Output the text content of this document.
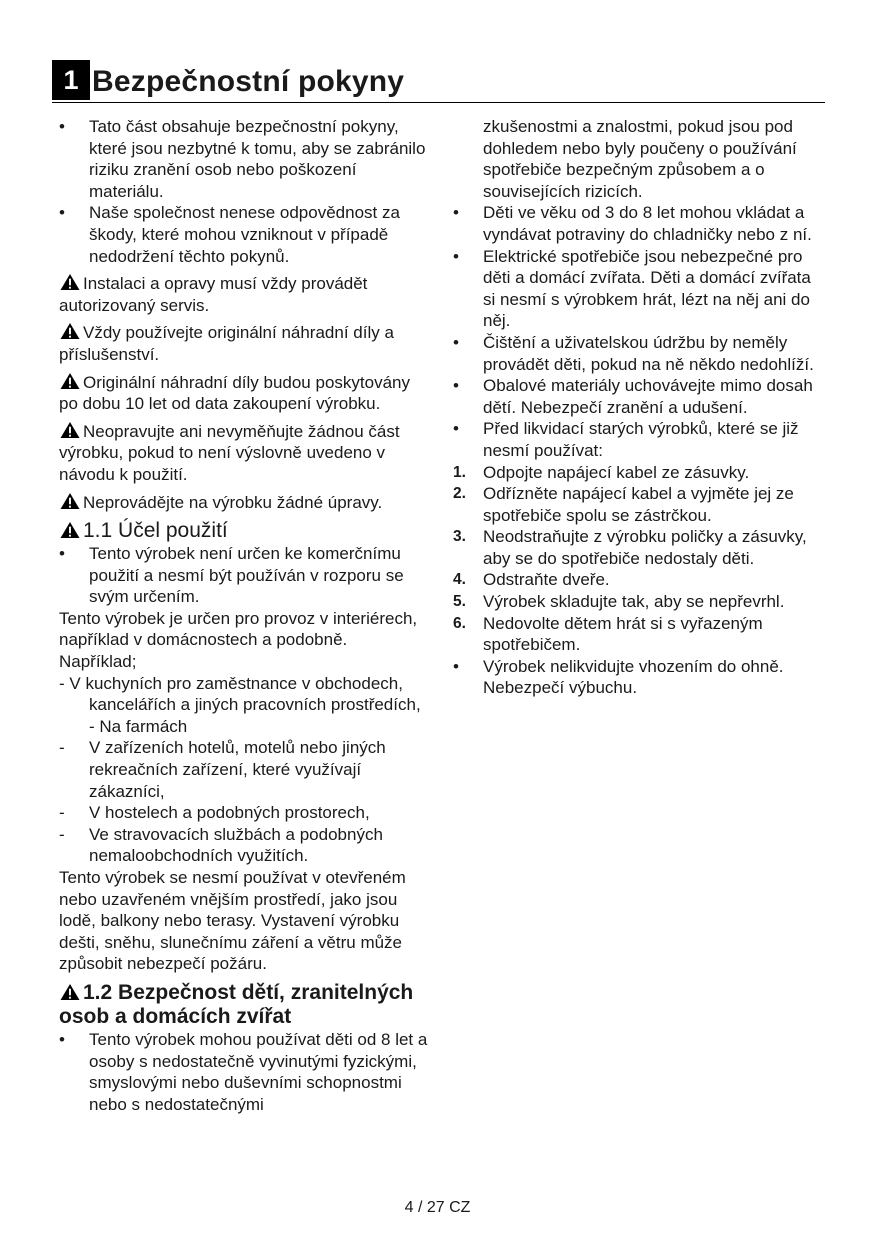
1 Bezpečnostní pokyny
•	Tato část obsahuje bezpečnostní pokyny, které jsou nezbytné k tomu, aby se zabránilo riziku zranění osob nebo poškození materiálu.
•	Naše společnost nenese odpovědnost za škody, které mohou vzniknout v případě nedodržení těchto pokynů.
Instalaci a opravy musí vždy provádět autorizovaný servis.
Vždy používejte originální náhradní díly a příslušenství.
Originální náhradní díly budou poskytovány po dobu 10 let od data zakoupení výrobku.
Neopravujte ani nevyměňujte žádnou část výrobku, pokud to není výslovně uvedeno v návodu k použití.
Neprovádějte na výrobku žádné úpravy.
1.1 Účel použití
•	Tento výrobek není určen ke komerčnímu použití a nesmí být používán v rozporu se svým určením.

Tento výrobek je určen pro provoz v interiérech, například v domácnostech a podobně. Například;

- V kuchyních pro zaměstnance v obchodech, kancelářích a jiných pracovních prostředích, - Na farmách
-	V zařízeních hotelů, motelů nebo jiných rekreačních zařízení, které využívají zákazníci,
-	V hostelech a podobných prostorech,
-	Ve stravovacích službách a podobných nemaloobchodních využitích.

Tento výrobek se nesmí používat v otevřeném nebo uzavřeném vnějším prostředí, jako jsou lodě, balkony nebo terasy. Vystavení výrobku dešti, sněhu, slunečnímu záření a větru může způsobit nebezpečí požáru.

1.2 Bezpečnost dětí, zranitelných osob a domácích zvířat
•	Tento výrobek mohou používat děti od 8 let a osoby s nedostatečně vyvinutými fyzickými, smyslovými nebo duševními schopnostmi nebo s nedostatečnými
zkušenostmi a znalostmi, pokud jsou pod dohledem nebo byly poučeny o používání spotřebiče bezpečným způsobem a o souvisejících rizicích.
•	Děti ve věku od 3 do 8 let mohou vkládat a vyndávat potraviny do chladničky nebo z ní.
•	Elektrické spotřebiče jsou nebezpečné pro děti a domácí zvířata. Děti a domácí zvířata si nesmí s výrobkem hrát, lézt na něj ani do něj.
•	Čištění a uživatelskou údržbu by neměly provádět děti, pokud na ně někdo nedohlíží.
•	Obalové materiály uchovávejte mimo dosah dětí. Nebezpečí zranění a udušení.
•	Před likvidací starých výrobků, které se již nesmí používat:
1.	Odpojte napájecí kabel ze zásuvky.
2.	Odřízněte napájecí kabel a vyjměte jej ze spotřebiče spolu se zástrčkou.
3.	Neodstraňujte z výrobku poličky a zásuvky, aby se do spotřebiče nedostaly děti.
4.	Odstraňte dveře.
5.	Výrobek skladujte tak, aby se nepřevrhl.
6.	Nedovolte dětem hrát si s vyřazeným spotřebičem.
•	Výrobek nelikvidujte vhozením do ohně. Nebezpečí výbuchu.
4 / 27 CZ
